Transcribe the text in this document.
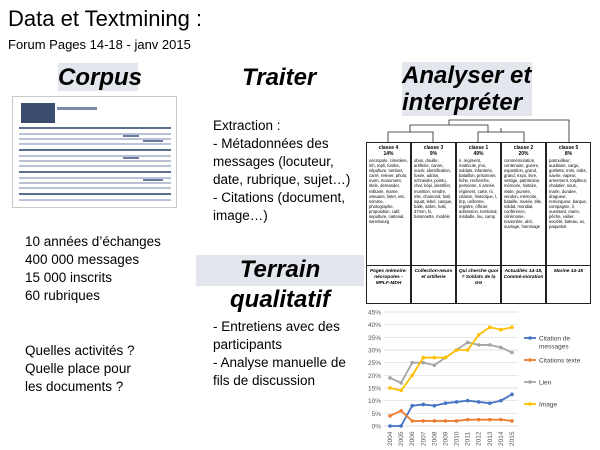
Data et Textmining :
Forum Pages 14-18 - janv 2015
Corpus	Traiter	Analyser et
interpréter
Terrain qualitatif
Extraction :
- Métadonnées des
messages (locuteur,
date, rubrique, sujet…)
- Citations (document,
image…)
10 années d’échanges
400 000 messages
15 000 inscrits
60 rubriques
Quelles activités ?
Quelle place pour
les documents ?
- Entretiens avec des
participants
- Analyse manuelle de
fils de discussion
classe 4
14%
nécropole, cimetière, inh, repli, tombe, sépulture, tombes, carré, relever, photo, marn, monument, stele, demander, militaire, marne, ossuaire, lister, est, somme, photographe, proposition, calif, sepulture, national, sarrebourg
Pages mémoire: nécropoles - MPLF-MDH
classe 3
9%
obus, douille, artillerie, canon, ouvrir, identification, fusée, adrian, schneider, pointu, char, képi, identifier, munition, vendre, mle, chamond, fusil, squat, lebel, casque, balle, sabre, fusil, 37mm, fx, baïonnette, modèle
Collection-neurs et artillerie
classe 1
49%
ri, régiment, matricule, jmo, soldats, infanterie, bataillon, prisonnier, fiche, recherche, personne, ri armée, régiment, carte, rii, citation, historique, l, brp, uniforme, registre, officier, admission, territorial, médaille, lou, camp
Qui cherche quoi ? Soldats de la GG
classe 2
20%
commémoration, centenaire, guerre, exposition, grand, grand, expo, livre, vestige, patrimoine, mémoire, histoire, visite, journée, vendun, mémoire, bataille, musée, title, soldat, mondial, conférence, cérémonie, novembre, abri, ouvrage, hommage
Actualités 14-18, Commé-moration
classe 5
8%
patrouilleur, auxiliaire, cargo, goëlette, trois, mâts, navire, vapeur, armement, torpilleur, chalutier, sous, marin, dundee, dragueur, remorqueur, barque, compagnie, li, ouessant, marin, pêche, voilier, société, bateau, ex, paquebot
Marine 14-18
0%
5%
10%
15%
20%
25%
30%
35%
40%
45%
2004 2005 2006 2007 2008 2009 2010 2011 2012 2013 2014 2015
Citation de
messages
Citations texte
Lien
Image
